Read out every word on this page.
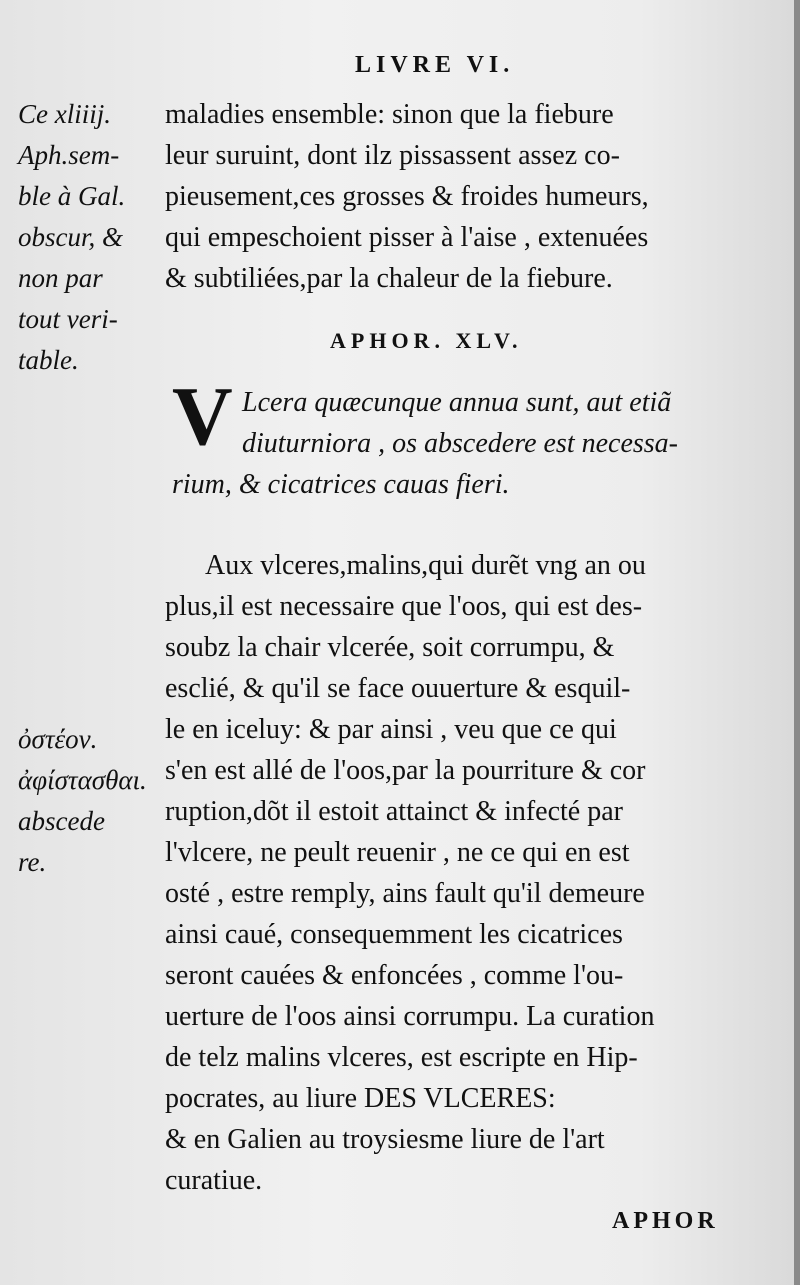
LIVRE VI.
Ce xliiij.
Aph.sem-
ble à Gal.
obscur, &
non par
tout veri-
table.
maladies ensemble: sinon que la fiebure
leur suruint, dont ilz pissassent assez co-
pieusement,ces grosses & froides humeurs,
qui empeschoient pisser à l'aise , extenuées
& subtiliées,par la chaleur de la fiebure.
APHOR. XLV.
V Lcera quæcunque annua sunt, aut etiã
diuturniora , os abscedere est necessa-
rium, & cicatrices cauas fieri.
ὀστέον.
ἀφίστασθαι.
abscede
re.
Aux vlceres,malins,qui durẽt vng an ou
plus,il est necessaire que l'oos, qui est des-
soubz la chair vlcerée, soit corrumpu, &
esclié, & qu'il se face ouuerture & esquil-
le en iceluy: & par ainsi , veu que ce qui
s'en est allé de l'oos,par la pourriture & cor
ruption,dõt il estoit attainct & infecté par
l'vlcere, ne peult reuenir , ne ce qui en est
osté , estre remply, ains fault qu'il demeure
ainsi caué, consequemment les cicatrices
seront cauées & enfoncées , comme l'ou-
uerture de l'oos ainsi corrumpu. La curation
de telz malins vlceres, est escripte en Hip-
pocrates, au liure DES VLCERES:
& en Galien au troysiesme liure de l'art
curatiue.
APHOR
